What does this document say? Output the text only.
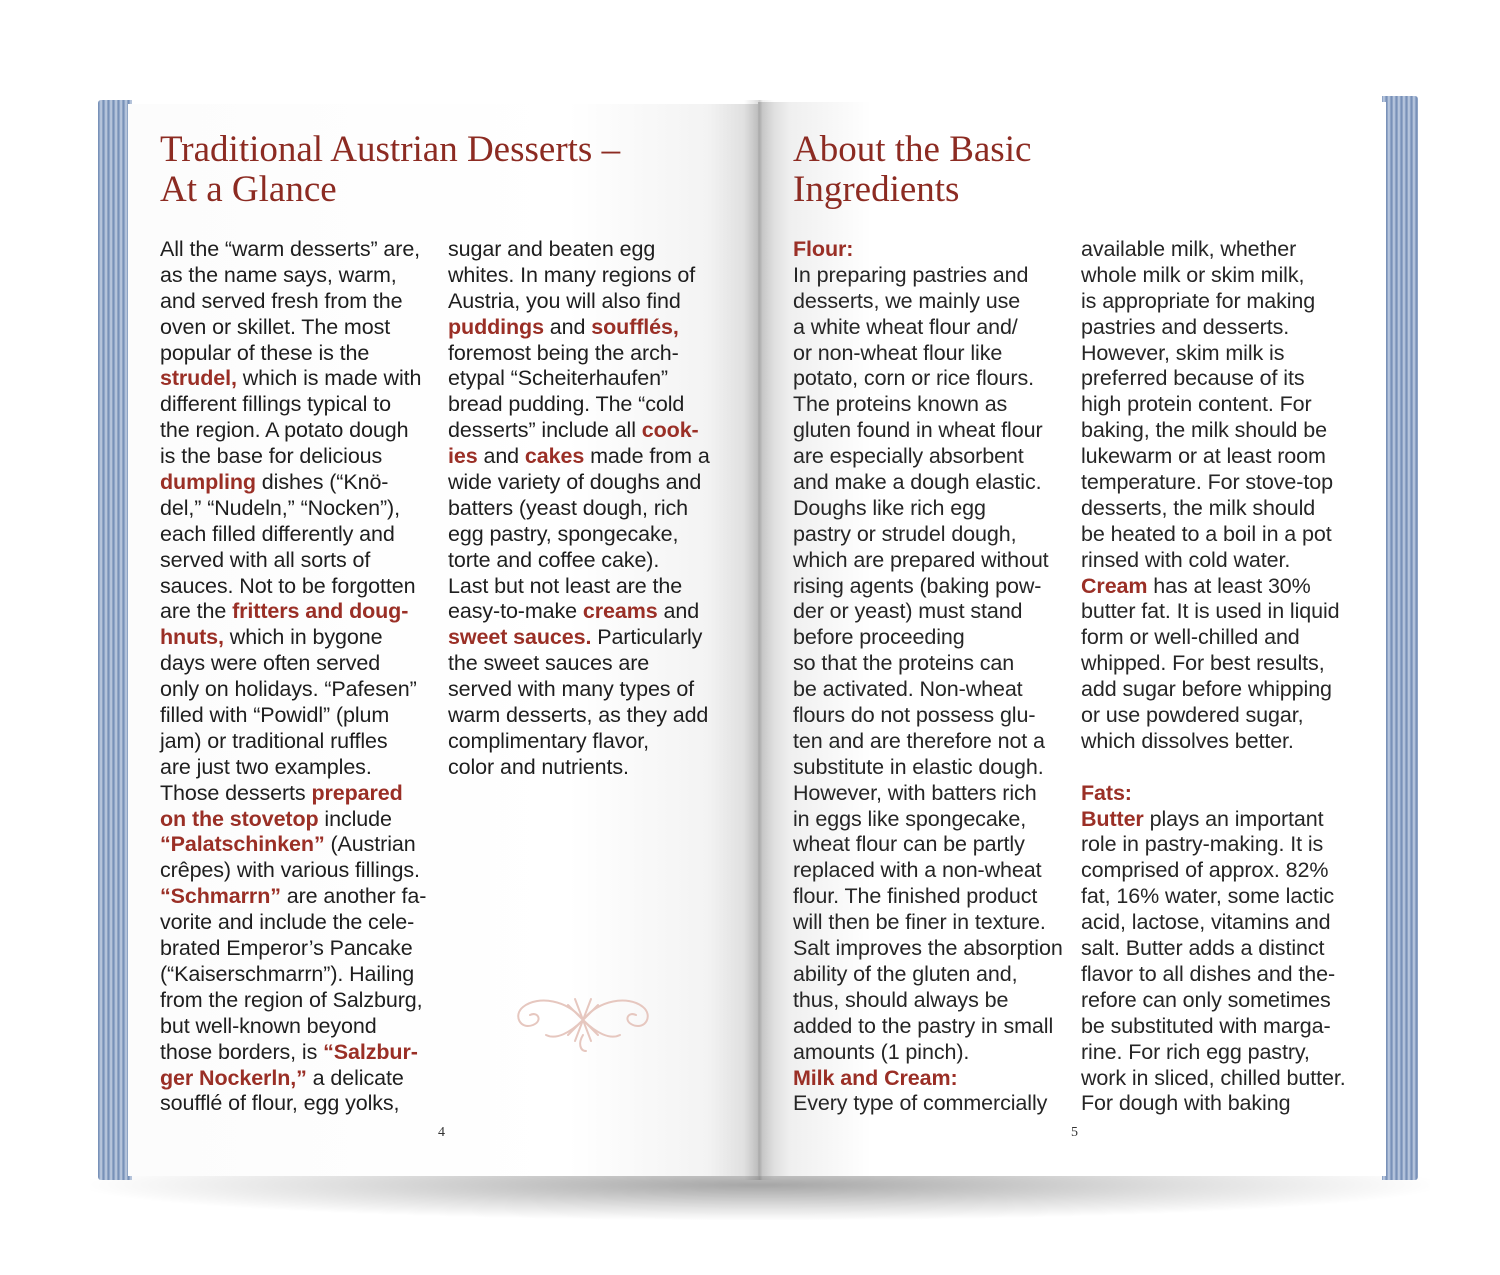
Traditional Austrian Desserts –
At a Glance
About the Basic
Ingredients
All the “warm desserts” are,
as the name says, warm,
and served fresh from the
oven or skillet. The most
popular of these is the
strudel, which is made with
different fillings typical to
the region. A potato dough
is the base for delicious
dumpling dishes (“Knö-
del,” “Nudeln,” “Nocken”),
each filled differently and
served with all sorts of
sauces. Not to be forgotten
are the fritters and doug-
hnuts, which in bygone
days were often served
only on holidays. “Pafesen”
filled with “Powidl” (plum
jam) or traditional ruffles
are just two examples.
Those desserts prepared
on the stovetop include
“Palatschinken” (Austrian
crêpes) with various fillings.
“Schmarrn” are another fa-
vorite and include the cele-
brated Emperor’s Pancake
(“Kaiserschmarrn”). Hailing
from the region of Salzburg,
but well-known beyond
those borders, is “Salzbur-
ger Nockerln,” a delicate
soufflé of flour, egg yolks,
sugar and beaten egg
whites. In many regions of
Austria, you will also find
puddings and soufflés,
foremost being the arch-
etypal “Scheiterhaufen”
bread pudding. The “cold
desserts” include all cook-
ies and cakes made from a
wide variety of doughs and
batters (yeast dough, rich
egg pastry, spongecake,
torte and coffee cake).
Last but not least are the
easy-to-make creams and
sweet sauces. Particularly
the sweet sauces are
served with many types of
warm desserts, as they add
complimentary flavor,
color and nutrients.
Flour:
In preparing pastries and
desserts, we mainly use
a white wheat flour and/
or non-wheat flour like
potato, corn or rice flours.
The proteins known as
gluten found in wheat flour
are especially absorbent
and make a dough elastic.
Doughs like rich egg
pastry or strudel dough,
which are prepared without
rising agents (baking pow-
der or yeast) must stand
before proceeding
so that the proteins can
be activated. Non-wheat
flours do not possess glu-
ten and are therefore not a
substitute in elastic dough.
However, with batters rich
in eggs like spongecake,
wheat flour can be partly
replaced with a non-wheat
flour. The finished product
will then be finer in texture.
Salt improves the absorption
ability of the gluten and,
thus, should always be
added to the pastry in small
amounts (1 pinch).
Milk and Cream:
Every type of commercially
available milk, whether
whole milk or skim milk,
is appropriate for making
pastries and desserts.
However, skim milk is
preferred because of its
high protein content. For
baking, the milk should be
lukewarm or at least room
temperature. For stove-top
desserts, the milk should
be heated to a boil in a pot
rinsed with cold water.
Cream has at least 30%
butter fat. It is used in liquid
form or well-chilled and
whipped. For best results,
add sugar before whipping
or use powdered sugar,
which dissolves better.
Fats:
Butter plays an important
role in pastry-making. It is
comprised of approx. 82%
fat, 16% water, some lactic
acid, lactose, vitamins and
salt. Butter adds a distinct
flavor to all dishes and the-
refore can only sometimes
be substituted with marga-
rine. For rich egg pastry,
work in sliced, chilled butter.
For dough with baking
4	5
